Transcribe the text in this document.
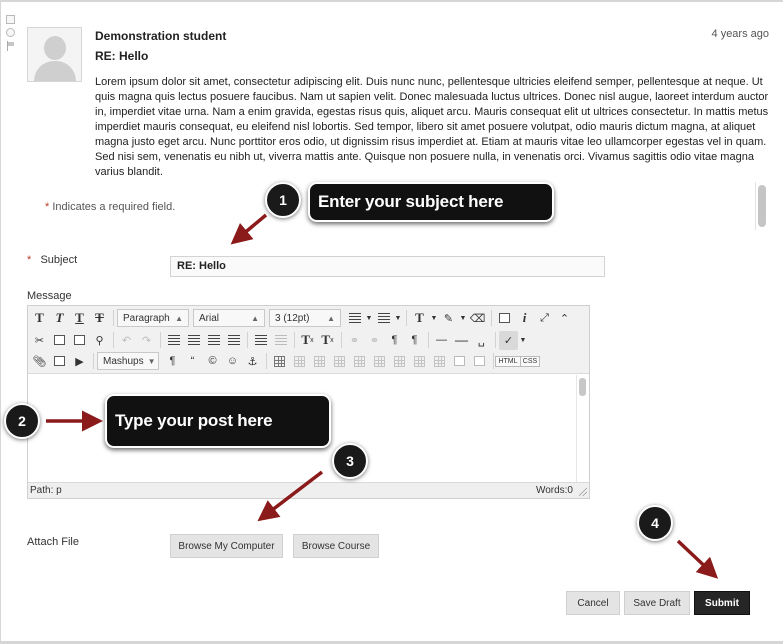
Demonstration student
RE: Hello
4 years ago
Lorem ipsum dolor sit amet, consectetur adipiscing elit. Duis nunc nunc, pellentesque ultricies eleifend semper, pellentesque at neque. Ut quis magna quis lectus posuere faucibus. Nam ut sapien velit. Donec malesuada luctus ultrices. Donec nisl augue, laoreet interdum auctor in, imperdiet vitae urna. Nam a enim gravida, egestas risus quis, aliquet arcu. Mauris consequat elit ut ultrices consectetur. In mattis metus imperdiet mauris consequat, eu eleifend nisl lobortis. Sed tempor, libero sit amet posuere volutpat, odio mauris dictum magna, at aliquet magna justo eget arcu. Nunc porttitor eros odio, ut dignissim risus imperdiet at. Etiam at mauris vitae leo ullamcorper egestas vel in quam. Sed nisi sem, venenatis eu nibh ut, viverra mattis ante. Quisque non posuere nulla, in venenatis orci. Vivamus sagittis odio vitae magna varius blandit.
* Indicates a required field.
* Subject	RE: Hello
Message
T T T T	Paragraph ▲︎ Arial	▲︎ 3 (12pt) ▲︎	▼	▼	T ▼ ✎ ▼ ⌫	i	⤢ ⌃
✂	⚲	↶ ↷	T x T x	⚭ ⚭	¶	¶	— — ␣	✓ ▼
📎︎	▶	Mashups ▼	¶	“	© ☺ ⚓	HTML CSS
Path: p	Words:0
Attach File	Browse My Computer	Browse Course
Cancel	Save Draft	Submit
1	Enter your subject here
2	Type your post here
3
4
